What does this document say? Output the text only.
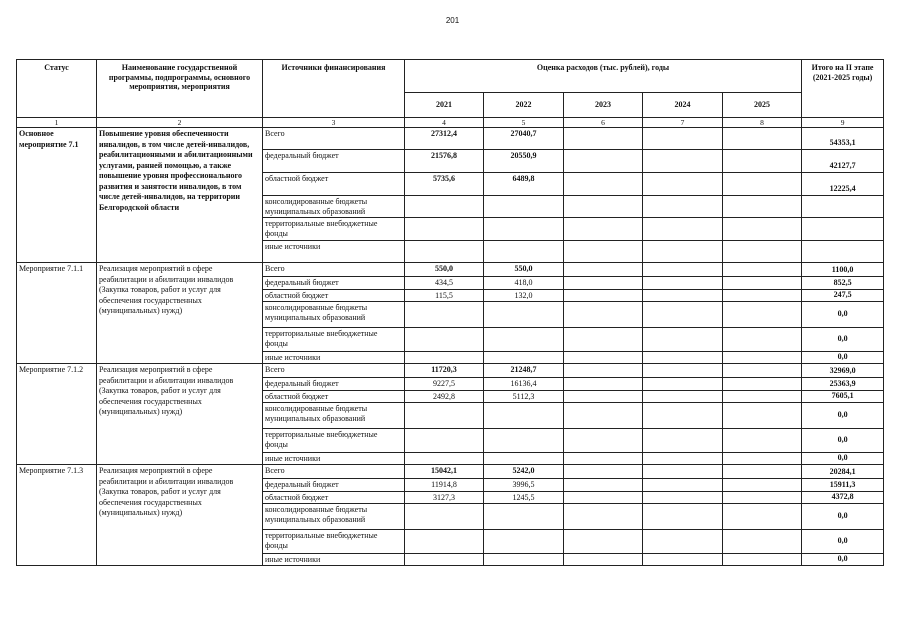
201
Статус	Наименование государственной программы, подпрограммы, основного мероприятия, мероприятия	Источники финансирования	Оценка расходов (тыс. рублей), годы					Итого на II этапе (2021-2025 годы)
			2021	2022	2023	2024	2025	
1	2	3	4	5	6	7	8	9
Основное мероприятие 7.1	Повышение уровня обеспеченности инвалидов, в том числе детей-инвалидов, реабилитационными и абилитационными услугами, ранней помощью, а также повышение уровня профессионального развития и занятости инвалидов, в том числе детей-инвалидов, на территории Белгородской области	Всего	27312,4	27040,7				54353,1
		федеральный бюджет	21576,8	20550,9				42127,7
		областной бюджет	5735,6	6489,8				12225,4
		консолидированные бюджеты муниципальных образований						
		территориальные внебюджетные фонды						
		иные источники						
Мероприятие 7.1.1	Реализация мероприятий в сфере реабилитации и абилитации инвалидов (Закупка товаров, работ и услуг для обеспечения государственных (муниципальных) нужд)	Всего	550,0	550,0				1100,0
		федеральный бюджет	434,5	418,0				852,5
		областной бюджет	115,5	132,0				247,5
		консолидированные бюджеты муниципальных образований						0,0
		территориальные внебюджетные фонды						0,0
		иные источники						0,0
Мероприятие 7.1.2	Реализация мероприятий в сфере реабилитации и абилитации инвалидов (Закупка товаров, работ и услуг для обеспечения государственных (муниципальных) нужд)	Всего	11720,3	21248,7				32969,0
		федеральный бюджет	9227,5	16136,4				25363,9
		областной бюджет	2492,8	5112,3				7605,1
		консолидированные бюджеты муниципальных образований						0,0
		территориальные внебюджетные фонды						0,0
		иные источники						0,0
Мероприятие 7.1.3	Реализация мероприятий в сфере реабилитации и абилитации инвалидов (Закупка товаров, работ и услуг для обеспечения государственных (муниципальных) нужд)	Всего	15042,1	5242,0				20284,1
		федеральный бюджет	11914,8	3996,5				15911,3
		областной бюджет	3127,3	1245,5				4372,8
		консолидированные бюджеты муниципальных образований						0,0
		территориальные внебюджетные фонды						0,0
		иные источники						0,0
